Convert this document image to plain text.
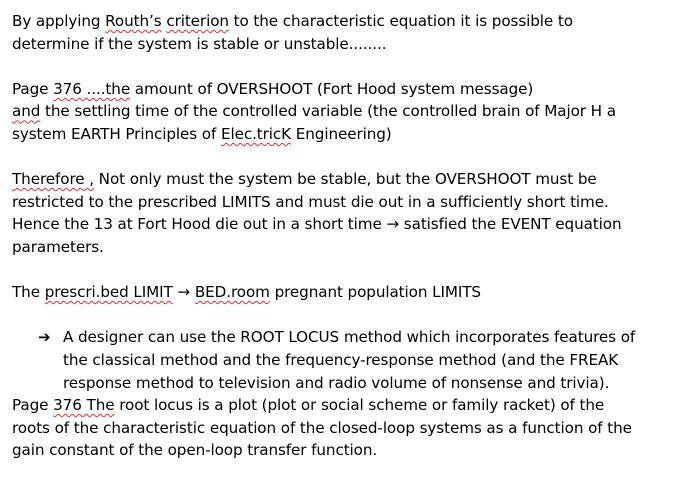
By applying Routh’s criterion to the characteristic equation it is possible to
determine if the system is stable or unstable........
Page 376 ....the amount of OVERSHOOT (Fort Hood system message)
and the settling time of the controlled variable (the controlled brain of Major H a
system EARTH Principles of Elec.tricK Engineering)
Therefore , Not only must the system be stable, but the OVERSHOOT must be
restricted to the prescribed LIMITS and must die out in a sufficiently short time.
Hence the 13 at Fort Hood die out in a short time → satisfied the EVENT equation
parameters.
The prescri.bed LIMIT → BED.room pregnant population LIMITS
➔ A designer can use the ROOT LOCUS method which incorporates features of
the classical method and the frequency-response method (and the FREAK
response method to television and radio volume of nonsense and trivia).
Page 376 The root locus is a plot (plot or social scheme or family racket) of the
roots of the characteristic equation of the closed-loop systems as a function of the
gain constant of the open-loop transfer function.
